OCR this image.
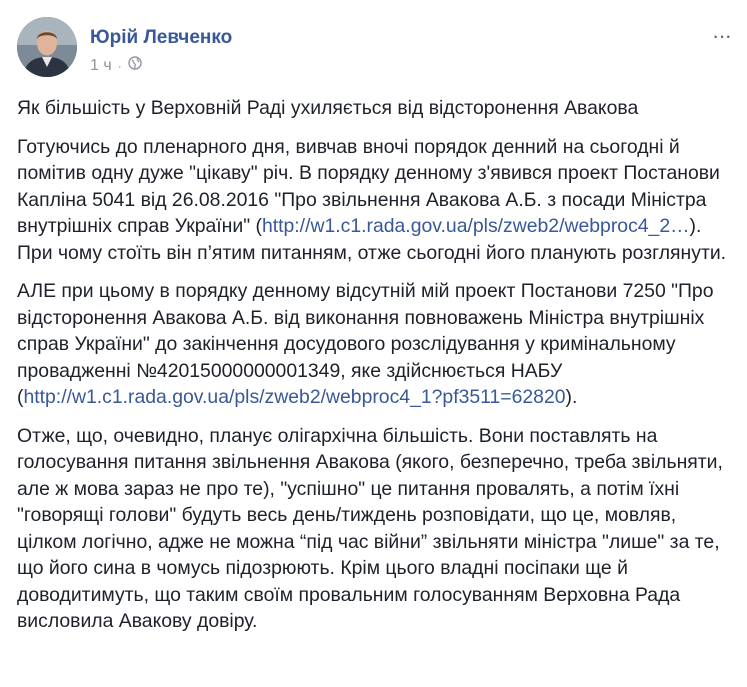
Юрій Левченко
1 ч ·
···

Як більшість у Верховній Раді ухиляється від відсторонення Авакова

Готуючись до пленарного дня, вивчав вночі порядок денний на сьогодні й помітив одну дуже "цікаву" річ. В порядку денному з'явився проект Постанови Капліна 5041 від 26.08.2016 "Про звільнення Авакова А.Б. з посади Міністра внутрішніх справ України" (http://w1.c1.rada.gov.ua/pls/zweb2/webproc4_2…). При чому стоїть він п’ятим питанням, отже сьогодні його планують розглянути.

АЛЕ при цьому в порядку денному відсутній мій проект Постанови 7250 "Про відсторонення Авакова А.Б. від виконання повноважень Міністра внутрішніх справ України" до закінчення досудового розслідування у кримінальному провадженні №42015000000001349, яке здійснюється НАБУ (http://w1.c1.rada.gov.ua/pls/zweb2/webproc4_1?pf3511=62820).

Отже, що, очевидно, планує олігархічна більшість. Вони поставлять на голосування питання звільнення Авакова (якого, безперечно, треба звільняти, але ж мова зараз не про те), "успішно" це питання провалять, а потім їхні "говорящі голови" будуть весь день/тиждень розповідати, що це, мовляв, цілком логічно, адже не можна “під час війни” звільняти міністра "лише" за те, що його сина в чомусь підозрюють. Крім цього владні посіпаки ще й доводитимуть, що таким своїм провальним голосуванням Верховна Рада висловила Авакову довіру.
